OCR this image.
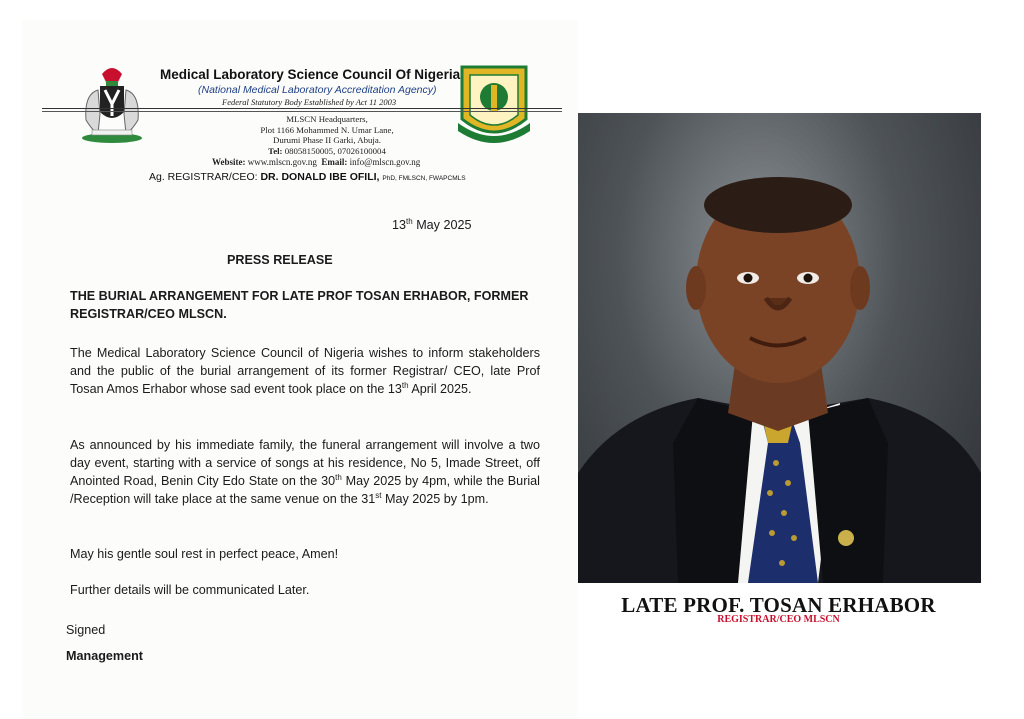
Medical Laboratory Science Council Of Nigeria
(National Medical Laboratory Accreditation Agency)
Federal Statutory Body Established by Act 11 2003
MLSCN Headquarters,
Plot 1166 Mohammed N. Umar Lane,
Durumi Phase II Garki, Abuja.
Tel: 08058150005, 07026100004
Website: www.mlscn.gov.ng Email: info@mlscn.gov.ng
Ag. REGISTRAR/CEO: DR. DONALD IBE OFILI, PhD, FMLSCN, FWAPCMLS
13th May 2025
PRESS RELEASE
THE BURIAL ARRANGEMENT FOR LATE PROF TOSAN ERHABOR, FORMER REGISTRAR/CEO MLSCN.
The Medical Laboratory Science Council of Nigeria wishes to inform stakeholders and the public of the burial arrangement of its former Registrar/ CEO, late Prof Tosan Amos Erhabor whose sad event took place on the 13th April 2025.
As announced by his immediate family, the funeral arrangement will involve a two day event, starting with a service of songs at his residence, No 5, Imade Street, off Anointed Road, Benin City Edo State on the 30th May 2025 by 4pm, while the Burial /Reception will take place at the same venue on the 31st May 2025 by 1pm.
May his gentle soul rest in perfect peace, Amen!
Further details will be communicated Later.
Signed
Management
LATE PROF. TOSAN ERHABOR
REGISTRAR/CEO MLSCN
